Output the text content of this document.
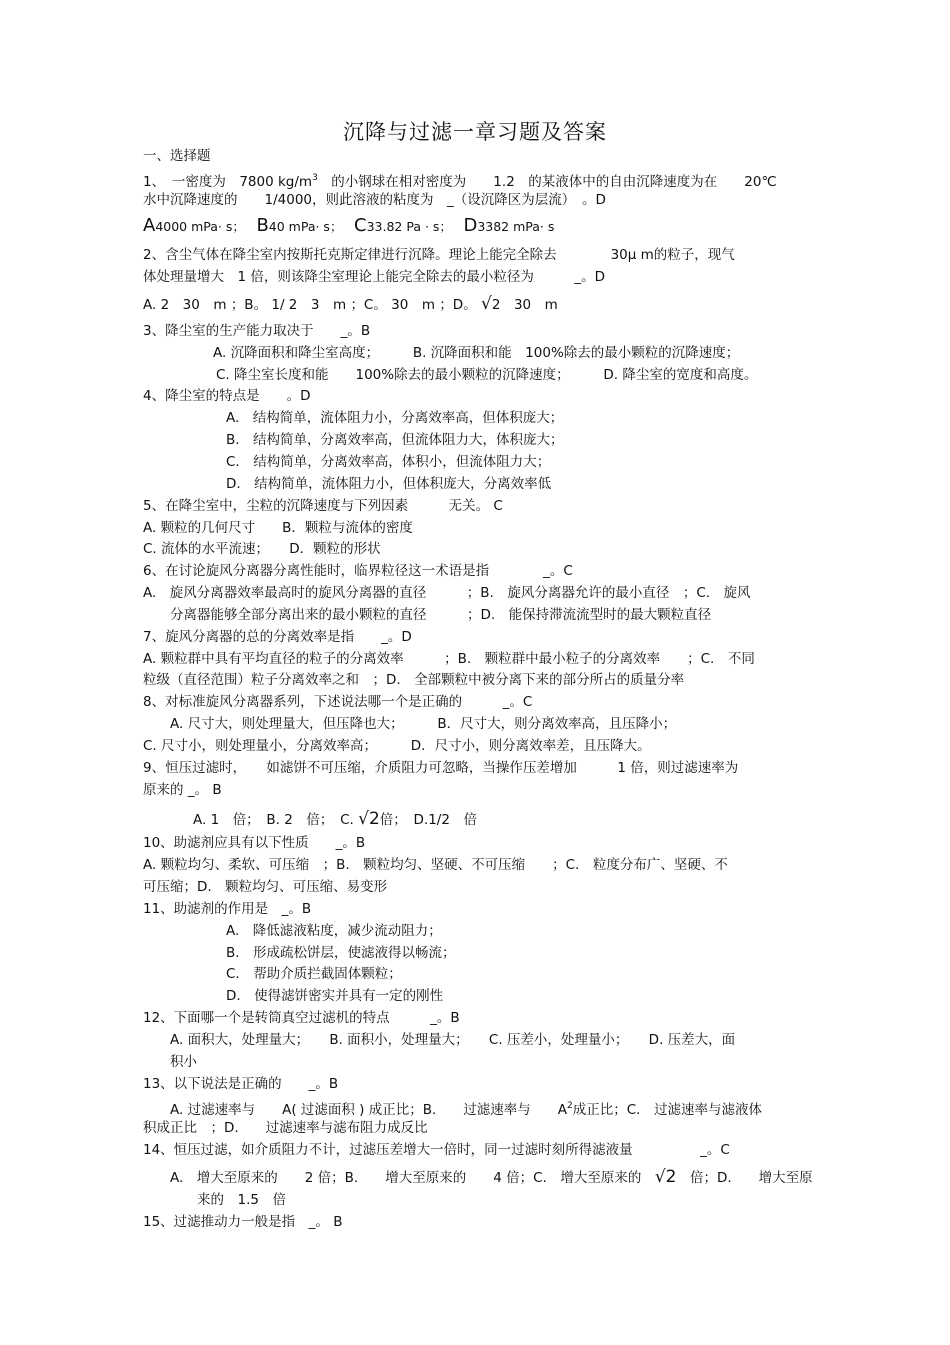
沉降与过滤一章习题及答案
一、选择题
1、　一密度为　7800 $kg/m^3$　的小钢球在相对密度为　　1.2　的某液体中的自由沉降速度为在　　20℃
水中沉降速度的　　1/4000，则此溶液的粘度为　_（设沉降区为层流）　。D
A4000 mPa· s；　 B40 mPa· s；　 C33.82 Pa · s；　 D3382 mPa· s
2、含尘气体在降尘室内按斯托克斯定律进行沉降。理论上能完全除去　　　　30μ m的粒子，现气
体处理量增大　1 倍，则该降尘室理论上能完全除去的最小粒径为　　　_。D
A. 2　30　m ；B。 1/ 2　3　m ；C。 30　m ；D。 √2　30　m
3、降尘室的生产能力取决于　　_。B
A. 沉降面积和降尘室高度；　　　B. 沉降面积和能　100%除去的最小颗粒的沉降速度；
C. 降尘室长度和能　　100%除去的最小颗粒的沉降速度；　　　D. 降尘室的宽度和高度。
4、降尘室的特点是　　。D
A.　结构简单，流体阻力小，分离效率高，但体积庞大；
B.　结构简单，分离效率高，但流体阻力大，体积庞大；
C.　结构简单，分离效率高，体积小，但流体阻力大；
D.　结构简单，流体阻力小，但体积庞大，分离效率低
5、在降尘室中，尘粒的沉降速度与下列因素　　　无关。 C
A. 颗粒的几何尺寸　　B．颗粒与流体的密度
C. 流体的水平流速；　　D．颗粒的形状
6、在讨论旋风分离器分离性能时，临界粒径这一术语是指　　　　_。C
A.　旋风分离器效率最高时的旋风分离器的直径　　　；B.　旋风分离器允许的最小直径　；C.　旋风
　　分离器能够全部分离出来的最小颗粒的直径　　　；D.　能保持滞流流型时的最大颗粒直径
7、旋风分离器的总的分离效率是指　　_。D
A. 颗粒群中具有平均直径的粒子的分离效率　　　；B.　颗粒群中最小粒子的分离效率　　；C.　不同
粒级（直径范围）粒子分离效率之和　；D.　全部颗粒中被分离下来的部分所占的质量分率
8、对标准旋风分离器系列，下述说法哪一个是正确的　　　_。C
　　A. 尺寸大，则处理量大，但压降也大；　　　B．尺寸大，则分离效率高，且压降小；
C. 尺寸小，则处理量小，分离效率高；　　　D．尺寸小，则分离效率差，且压降大。
9、恒压过滤时，　　如滤饼不可压缩，介质阻力可忽略，当操作压差增加　　　1 倍，则过滤速率为
原来的 _。 B
A. 1　倍；　B. 2　倍；　C. √2倍；　D.1/2　倍
10、助滤剂应具有以下性质　　_。B
A. 颗粒均匀、柔软、可压缩　；B.　颗粒均匀、坚硬、不可压缩　　；C.　粒度分布广、坚硬、不
可压缩；D.　颗粒均匀、可压缩、易变形
11、助滤剂的作用是　_。B
A.　降低滤液粘度，减少流动阻力；
B.　形成疏松饼层，使滤液得以畅流；
C.　帮助介质拦截固体颗粒；
D.　使得滤饼密实并具有一定的刚性
12、下面哪一个是转筒真空过滤机的特点　　　_。B
　　A. 面积大，处理量大；　　B. 面积小，处理量大；　　C. 压差小，处理量小；　　D. 压差大，面
　　积小
13、以下说法是正确的　　_。B
　　A. 过滤速率与　　A( 过滤面积 ) 成正比；B.　　过滤速率与　　$A^2$成正比；C.　过滤速率与滤液体
积成正比　；D.　　过滤速率与滤布阻力成反比
14、恒压过滤，如介质阻力不计，过滤压差增大一倍时，同一过滤时刻所得滤液量　　　　　_。C
　　A.　增大至原来的　　2 倍；B.　　增大至原来的　　4 倍；C.　增大至原来的　 √2　 倍；D.　　增大至原
　　　　来的　1.5　倍
15、过滤推动力一般是指　_。 B
